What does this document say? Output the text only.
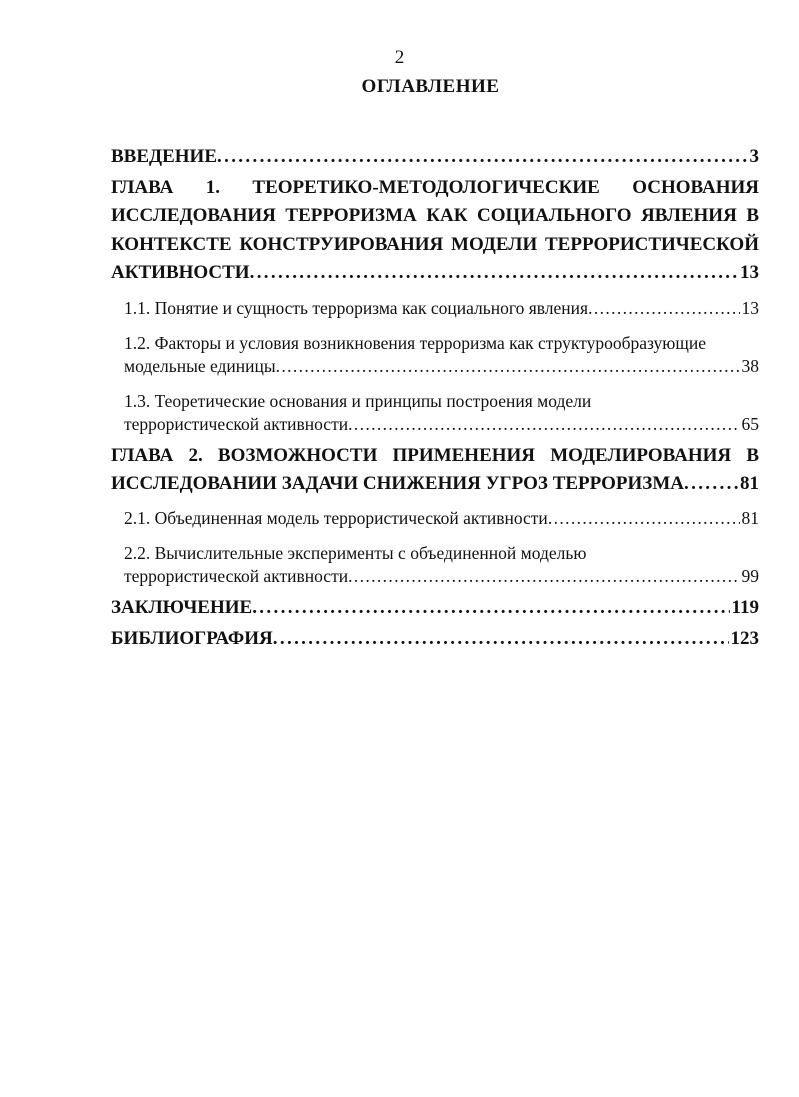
2
ОГЛАВЛЕНИЕ
ВВЕДЕНИЕ . . .	3
ГЛАВА 1. ТЕОРЕТИКО-МЕТОДОЛОГИЧЕСКИЕ ОСНОВАНИЯ
ИССЛЕДОВАНИЯ ТЕРРОРИЗМА КАК СОЦИАЛЬНОГО ЯВЛЕНИЯ В
КОНТЕКСТЕ КОНСТРУИРОВАНИЯ МОДЕЛИ ТЕРРОРИСТИЧЕСКОЙ
АКТИВНОСТИ . . .	13
1.1. Понятие и сущность терроризма как социального явления . . .	13
1.2. Факторы и условия возникновения терроризма как структурообразующие
модельные единицы . . .	38
1.3. Теоретические основания и принципы построения модели
террористической активности . . .	65
ГЛАВА 2. ВОЗМОЖНОСТИ ПРИМЕНЕНИЯ МОДЕЛИРОВАНИЯ В
ИССЛЕДОВАНИИ ЗАДАЧИ СНИЖЕНИЯ УГРОЗ ТЕРРОРИЗМА . . .	81
2.1. Объединенная модель террористической активности . . .	81
2.2. Вычислительные эксперименты с объединенной моделью
террористической активности . . .	99
ЗАКЛЮЧЕНИЕ . . .	119
БИБЛИОГРАФИЯ . . .	123
